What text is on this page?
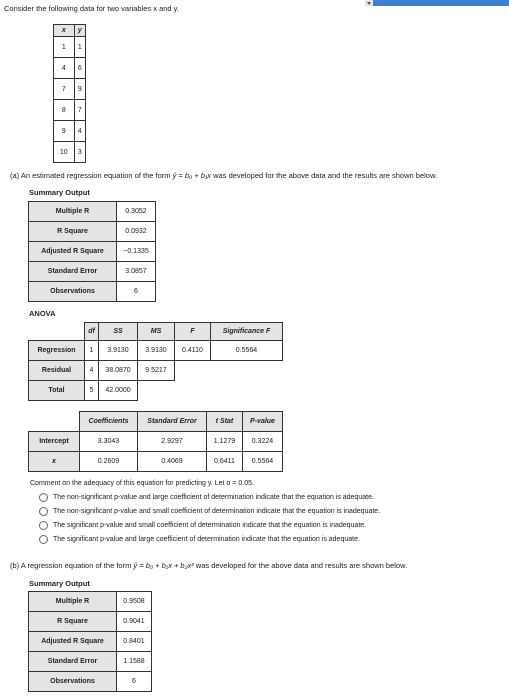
Consider the following data for two variables x and y.
x	y
1	1
4	6
7	9
8	7
9	4
10	3
(a) An estimated regression equation of the form ŷ = b₀ + b₁x was developed for the above data and the results are shown below.
Summary Output
Multiple R	0.3052
R Square	0.0932
Adjusted R Square	−0.1335
Standard Error	3.0857
Observations	6
ANOVA
	df	SS	MS	F	Significance F
Regression	1	3.9130	3.9130	0.4110	0.5564
Residual	4	38.0870	9.5217		
Total	5	42.0000			
	Coefficients	Standard Error	t Stat	P-value
Intercept	3.3043	2.9297	1.1279	0.3224
x	0.2609	0.4069	0.6411	0.5564
Comment on the adequacy of this equation for predicting y. Let α = 0.05.
The non-significant p-value and large coefficient of determination indicate that the equation is adequate.
The non-significant p-value and small coefficient of determination indicate that the equation is inadequate.
The significant p-value and small coefficient of determination indicate that the equation is inadequate.
The significant p-value and large coefficient of determination indicate that the equation is adequate.
(b) A regression equation of the form ŷ = b₀ + b₁x + b₂x² was developed for the above data and results are shown below.
Summary Output
Multiple R	0.9508
R Square	0.9041
Adjusted R Square	0.8401
Standard Error	1.1588
Observations	6
